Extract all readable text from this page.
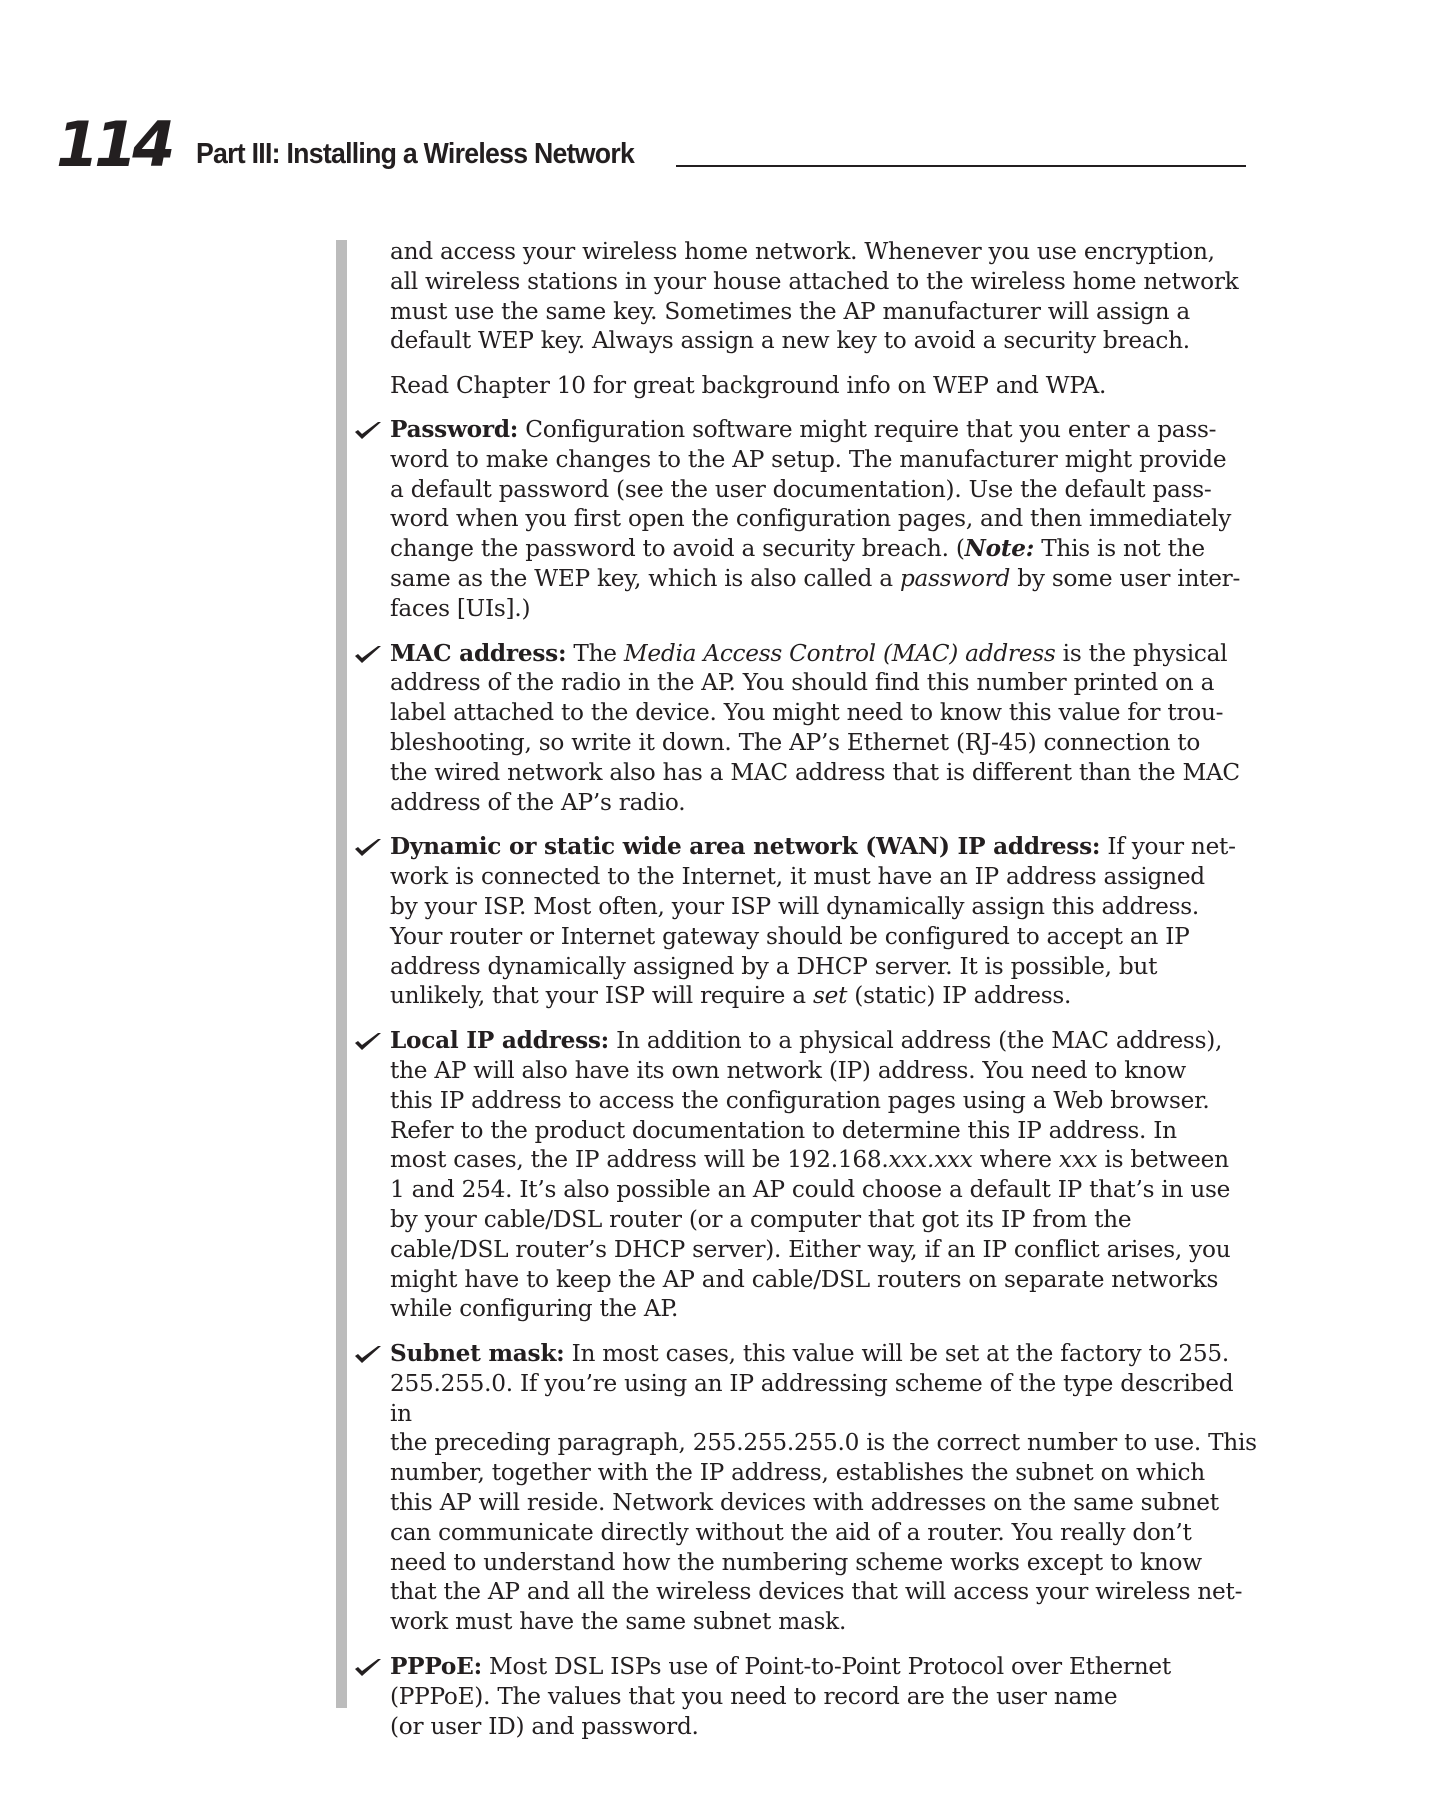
114 Part III: Installing a Wireless Network

and access your wireless home network. Whenever you use encryption,
all wireless stations in your house attached to the wireless home network
must use the same key. Sometimes the AP manufacturer will assign a
default WEP key. Always assign a new key to avoid a security breach.

Read Chapter 10 for great background info on WEP and WPA.

Password: Configuration software might require that you enter a pass-
word to make changes to the AP setup. The manufacturer might provide
a default password (see the user documentation). Use the default pass-
word when you first open the configuration pages, and then immediately
change the password to avoid a security breach. (Note: This is not the
same as the WEP key, which is also called a password by some user inter-
faces [UIs].)
MAC address: The Media Access Control (MAC) address is the physical
address of the radio in the AP. You should find this number printed on a
label attached to the device. You might need to know this value for trou-
bleshooting, so write it down. The AP’s Ethernet (RJ-45) connection to
the wired network also has a MAC address that is different than the MAC
address of the AP’s radio.
Dynamic or static wide area network (WAN) IP address: If your net-
work is connected to the Internet, it must have an IP address assigned
by your ISP. Most often, your ISP will dynamically assign this address.
Your router or Internet gateway should be configured to accept an IP
address dynamically assigned by a DHCP server. It is possible, but
unlikely, that your ISP will require a set (static) IP address.
Local IP address: In addition to a physical address (the MAC address),
the AP will also have its own network (IP) address. You need to know
this IP address to access the configuration pages using a Web browser.
Refer to the product documentation to determine this IP address. In
most cases, the IP address will be 192.168.xxx.xxx where xxx is between
1 and 254. It’s also possible an AP could choose a default IP that’s in use
by your cable/DSL router (or a computer that got its IP from the
cable/DSL router’s DHCP server). Either way, if an IP conflict arises, you
might have to keep the AP and cable/DSL routers on separate networks
while configuring the AP.
Subnet mask: In most cases, this value will be set at the factory to 255.
255.255.0. If you’re using an IP addressing scheme of the type described in
the preceding paragraph, 255.255.255.0 is the correct number to use. This
number, together with the IP address, establishes the subnet on which
this AP will reside. Network devices with addresses on the same subnet
can communicate directly without the aid of a router. You really don’t
need to understand how the numbering scheme works except to know
that the AP and all the wireless devices that will access your wireless net-
work must have the same subnet mask.
PPPoE: Most DSL ISPs use of Point-to-Point Protocol over Ethernet
(PPPoE). The values that you need to record are the user name
(or user ID) and password.
